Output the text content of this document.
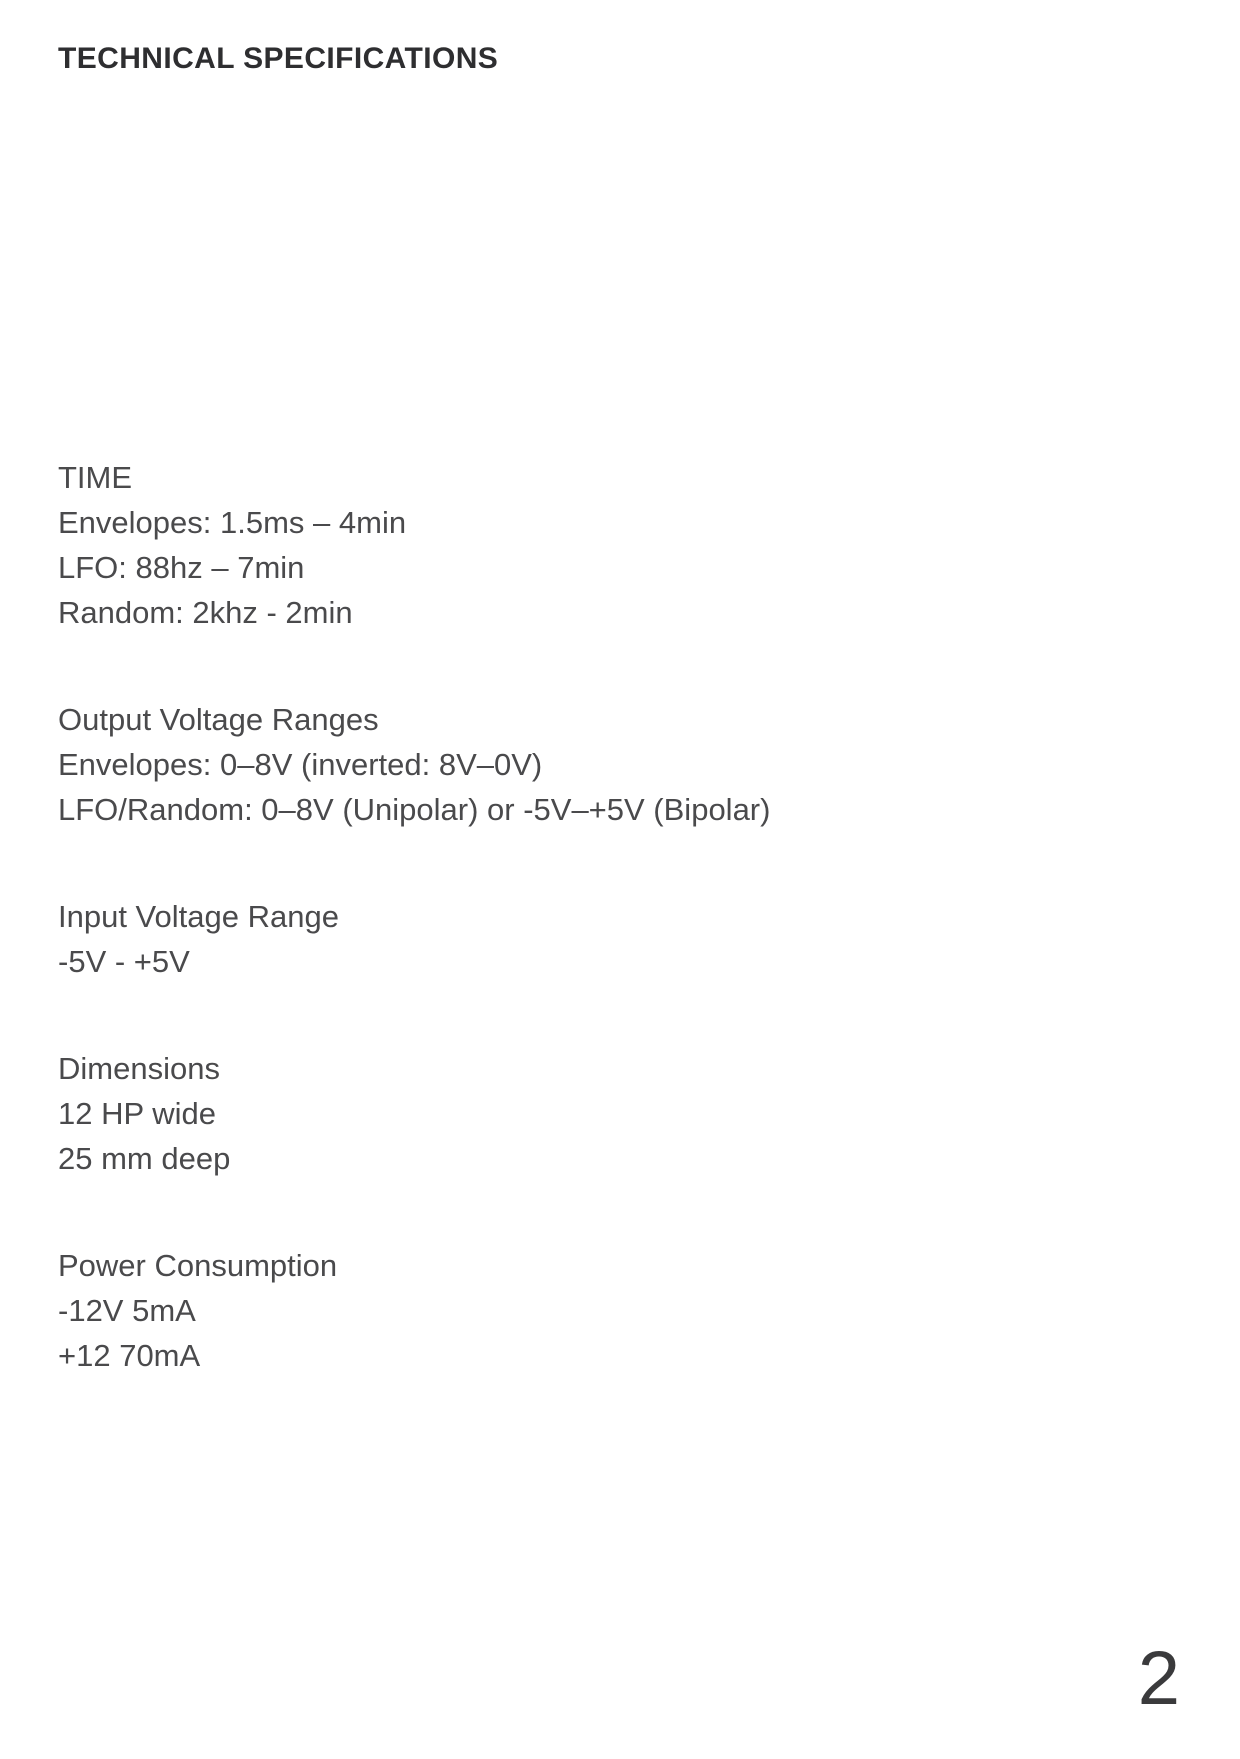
TECHNICAL SPECIFICATIONS
TIME
Envelopes: 1.5ms – 4min
LFO: 88hz – 7min
Random: 2khz - 2min
Output Voltage Ranges
Envelopes: 0–8V (inverted: 8V–0V)
LFO/Random: 0–8V (Unipolar) or -5V–+5V (Bipolar)
Input Voltage Range
-5V - +5V
Dimensions
12 HP wide
25 mm deep
Power Consumption
-12V 5mA
+12 70mA
2
